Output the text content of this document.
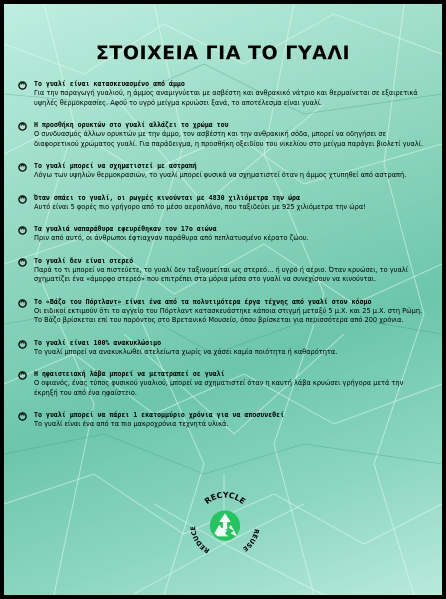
ΣΤΟΙΧΕΙΑ ΓΙΑ ΤΟ ΓΥΑΛΙ
Το γυαλί είναι κατασκευασμένο από άμμο
Για την παραγωγή γυαλιού, η άμμος αναμιγνύεται με ασβέστη και ανθρακικό νάτριο και θερμαίνεται σε εξαιρετικά υψηλές θερμοκρασίες. Αφού το υγρό μείγμα κρυώσει ξανά, το αποτέλεσμα είναι γυαλί.
Η προσθήκη ορυκτών στο γυαλί αλλάζει το χρώμα του
Ο συνδυασμός άλλων ορυκτών με την άμμο, τον ασβέστη και την ανθρακική σόδα, μπορεί να οδηγήσει σε διαφορετικού χρώματος γυαλί. Για παράδειγμα, η προσθήκη οξειδίου του νικελίου στο μείγμα παράγει βιολετί γυαλί.
Το γυαλί μπορεί να σχηματιστεί με αστραπή
Λόγω των υψηλών θερμοκρασιών, το γυαλί μπορεί φυσικά να σχηματιστεί όταν η άμμος χτυπηθεί από αστραπή.
Όταν σπάει το γυαλί, οι ρωγμές κινούνται με 4830 χιλιόμετρα την ώρα
Αυτό είναι 5 φορές πιο γρήγορο από το μέσο αεροπλάνο, που ταξιδεύει με 925 χιλιόμετρα την ώρα!
Τα γυαλιά ναπαράθυρα εφευρέθηκαν τον 17ο αιώνα
Πριν από αυτό, οι άνθρωποι έφτιαχναν παράθυρα από πεπλατυσμένο κέρατο ζώου.
Το γυαλί δεν είναι στερεό
Παρά το τι μπορεί να πιστεύετε, το γυαλί δεν ταξινομείται ως στερεό... ή υγρό ή αέριο. Όταν κρυώσει, το γυαλί σχηματίζει ένα «άμορφο στερεό» που επιτρέπει στα μόρια μέσα στο γυαλί να συνεχίσουν να κινούνται.
Το «Βάζο του Πόρτλαντ» είναι ένα από τα πολυτιμότερα έργα τέχνης από γυαλί στον κόσμο
Οι ειδικοί εκτιμούν ότι το αγγείο του Πόρτλαντ κατασκευάστηκε κάποια στιγμή μεταξύ 5 μ.Χ. και 25 μ.Χ. στη Ρώμη. Το Βάζο βρίσκεται επί του παρόντος στο Βρετανικό Μουσείο, όπου βρίσκεται για περισσότερα από 200 χρόνια.
Το γυαλί είναι 100% ανακυκλώσιμο
Το γυαλί μπορεί να ανακυκλωθεί ατελείωτα χωρίς να χάσει καμία ποιότητα ή καθαρότητα.
Η ηφαιστειακή λάβα μπορεί να μετατραπεί σε γυαλί
Ο οψιανός, ένας τύπος φυσικού γυαλιού, μπορεί να σχηματιστεί όταν η καυτή λάβα κρυώσει γρήγορα μετά την έκρηξή του από ένα ηφαίστειο.
Το γυαλί μπορεί να πάρει 1 εκατομμύριο χρόνια για να αποσυνεθεί
Το γυαλί είναι ένα από τα πιο μακροχρόνια τεχνητά υλικά.
RECYCLE
REDUCE	REUSE
